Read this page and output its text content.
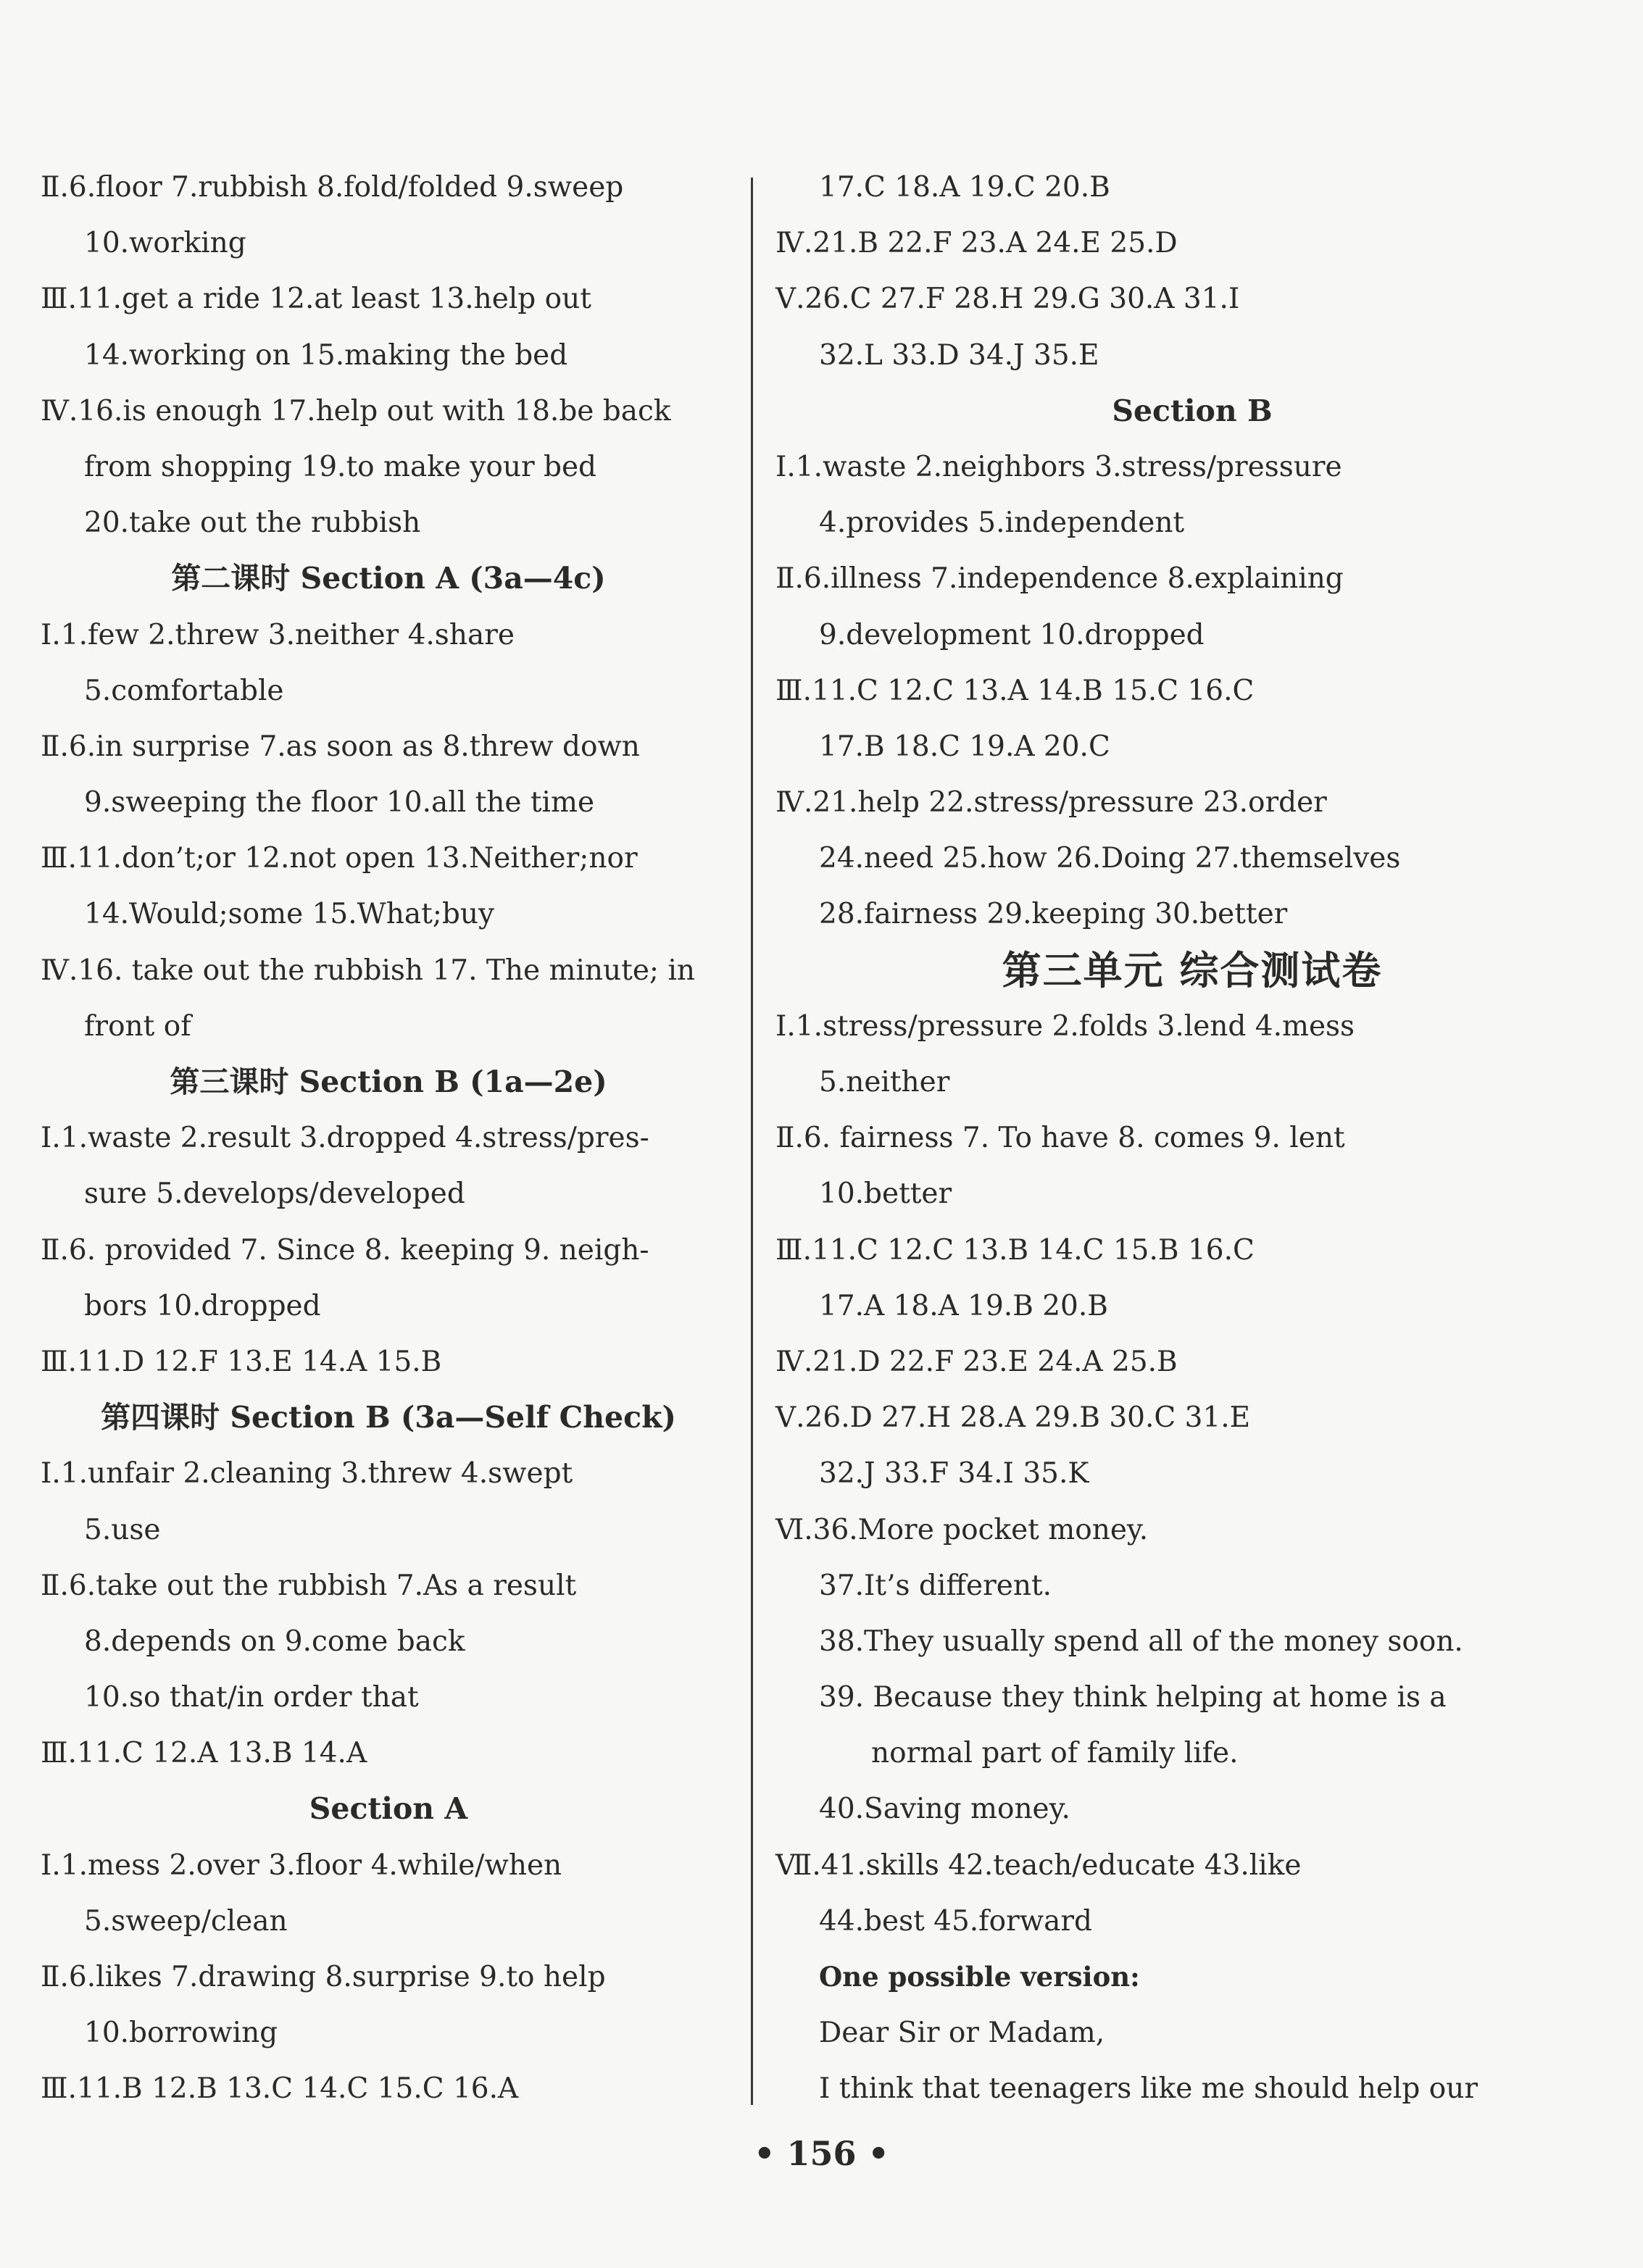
Ⅱ.6.floor 7.rubbish 8.fold/folded 9.sweep
10.working
Ⅲ.11.get a ride 12.at least 13.help out
14.working on 15.making the bed
Ⅳ.16.is enough 17.help out with 18.be back
from shopping 19.to make your bed
20.take out the rubbish
第二课时 Section A (3a—4c)
Ⅰ.1.few 2.threw 3.neither 4.share
5.comfortable
Ⅱ.6.in surprise 7.as soon as 8.threw down
9.sweeping the floor 10.all the time
Ⅲ.11.don’t;or 12.not open 13.Neither;nor
14.Would;some 15.What;buy
Ⅳ.16. take out the rubbish 17. The minute; in
front of
第三课时 Section B (1a—2e)
Ⅰ.1.waste 2.result 3.dropped 4.stress/pres-
sure 5.develops/developed
Ⅱ.6. provided 7. Since 8. keeping 9. neigh-
bors 10.dropped
Ⅲ.11.D 12.F 13.E 14.A 15.B
第四课时 Section B (3a—Self Check)
Ⅰ.1.unfair 2.cleaning 3.threw 4.swept
5.use
Ⅱ.6.take out the rubbish 7.As a result
8.depends on 9.come back
10.so that/in order that
Ⅲ.11.C 12.A 13.B 14.A
Section A
Ⅰ.1.mess 2.over 3.floor 4.while/when
5.sweep/clean
Ⅱ.6.likes 7.drawing 8.surprise 9.to help
10.borrowing
Ⅲ.11.B 12.B 13.C 14.C 15.C 16.A
17.C 18.A 19.C 20.B
Ⅳ.21.B 22.F 23.A 24.E 25.D
Ⅴ.26.C 27.F 28.H 29.G 30.A 31.I
32.L 33.D 34.J 35.E
Section B
Ⅰ.1.waste 2.neighbors 3.stress/pressure
4.provides 5.independent
Ⅱ.6.illness 7.independence 8.explaining
9.development 10.dropped
Ⅲ.11.C 12.C 13.A 14.B 15.C 16.C
17.B 18.C 19.A 20.C
Ⅳ.21.help 22.stress/pressure 23.order
24.need 25.how 26.Doing 27.themselves
28.fairness 29.keeping 30.better
第三单元 综合测试卷
Ⅰ.1.stress/pressure 2.folds 3.lend 4.mess
5.neither
Ⅱ.6. fairness 7. To have 8. comes 9. lent
10.better
Ⅲ.11.C 12.C 13.B 14.C 15.B 16.C
17.A 18.A 19.B 20.B
Ⅳ.21.D 22.F 23.E 24.A 25.B
Ⅴ.26.D 27.H 28.A 29.B 30.C 31.E
32.J 33.F 34.I 35.K
Ⅵ.36.More pocket money.
37.It’s different.
38.They usually spend all of the money soon.
39. Because they think helping at home is a
normal part of family life.
40.Saving money.
Ⅶ.41.skills 42.teach/educate 43.like
44.best 45.forward
One possible version:
Dear Sir or Madam,
I think that teenagers like me should help our
• 156 •
